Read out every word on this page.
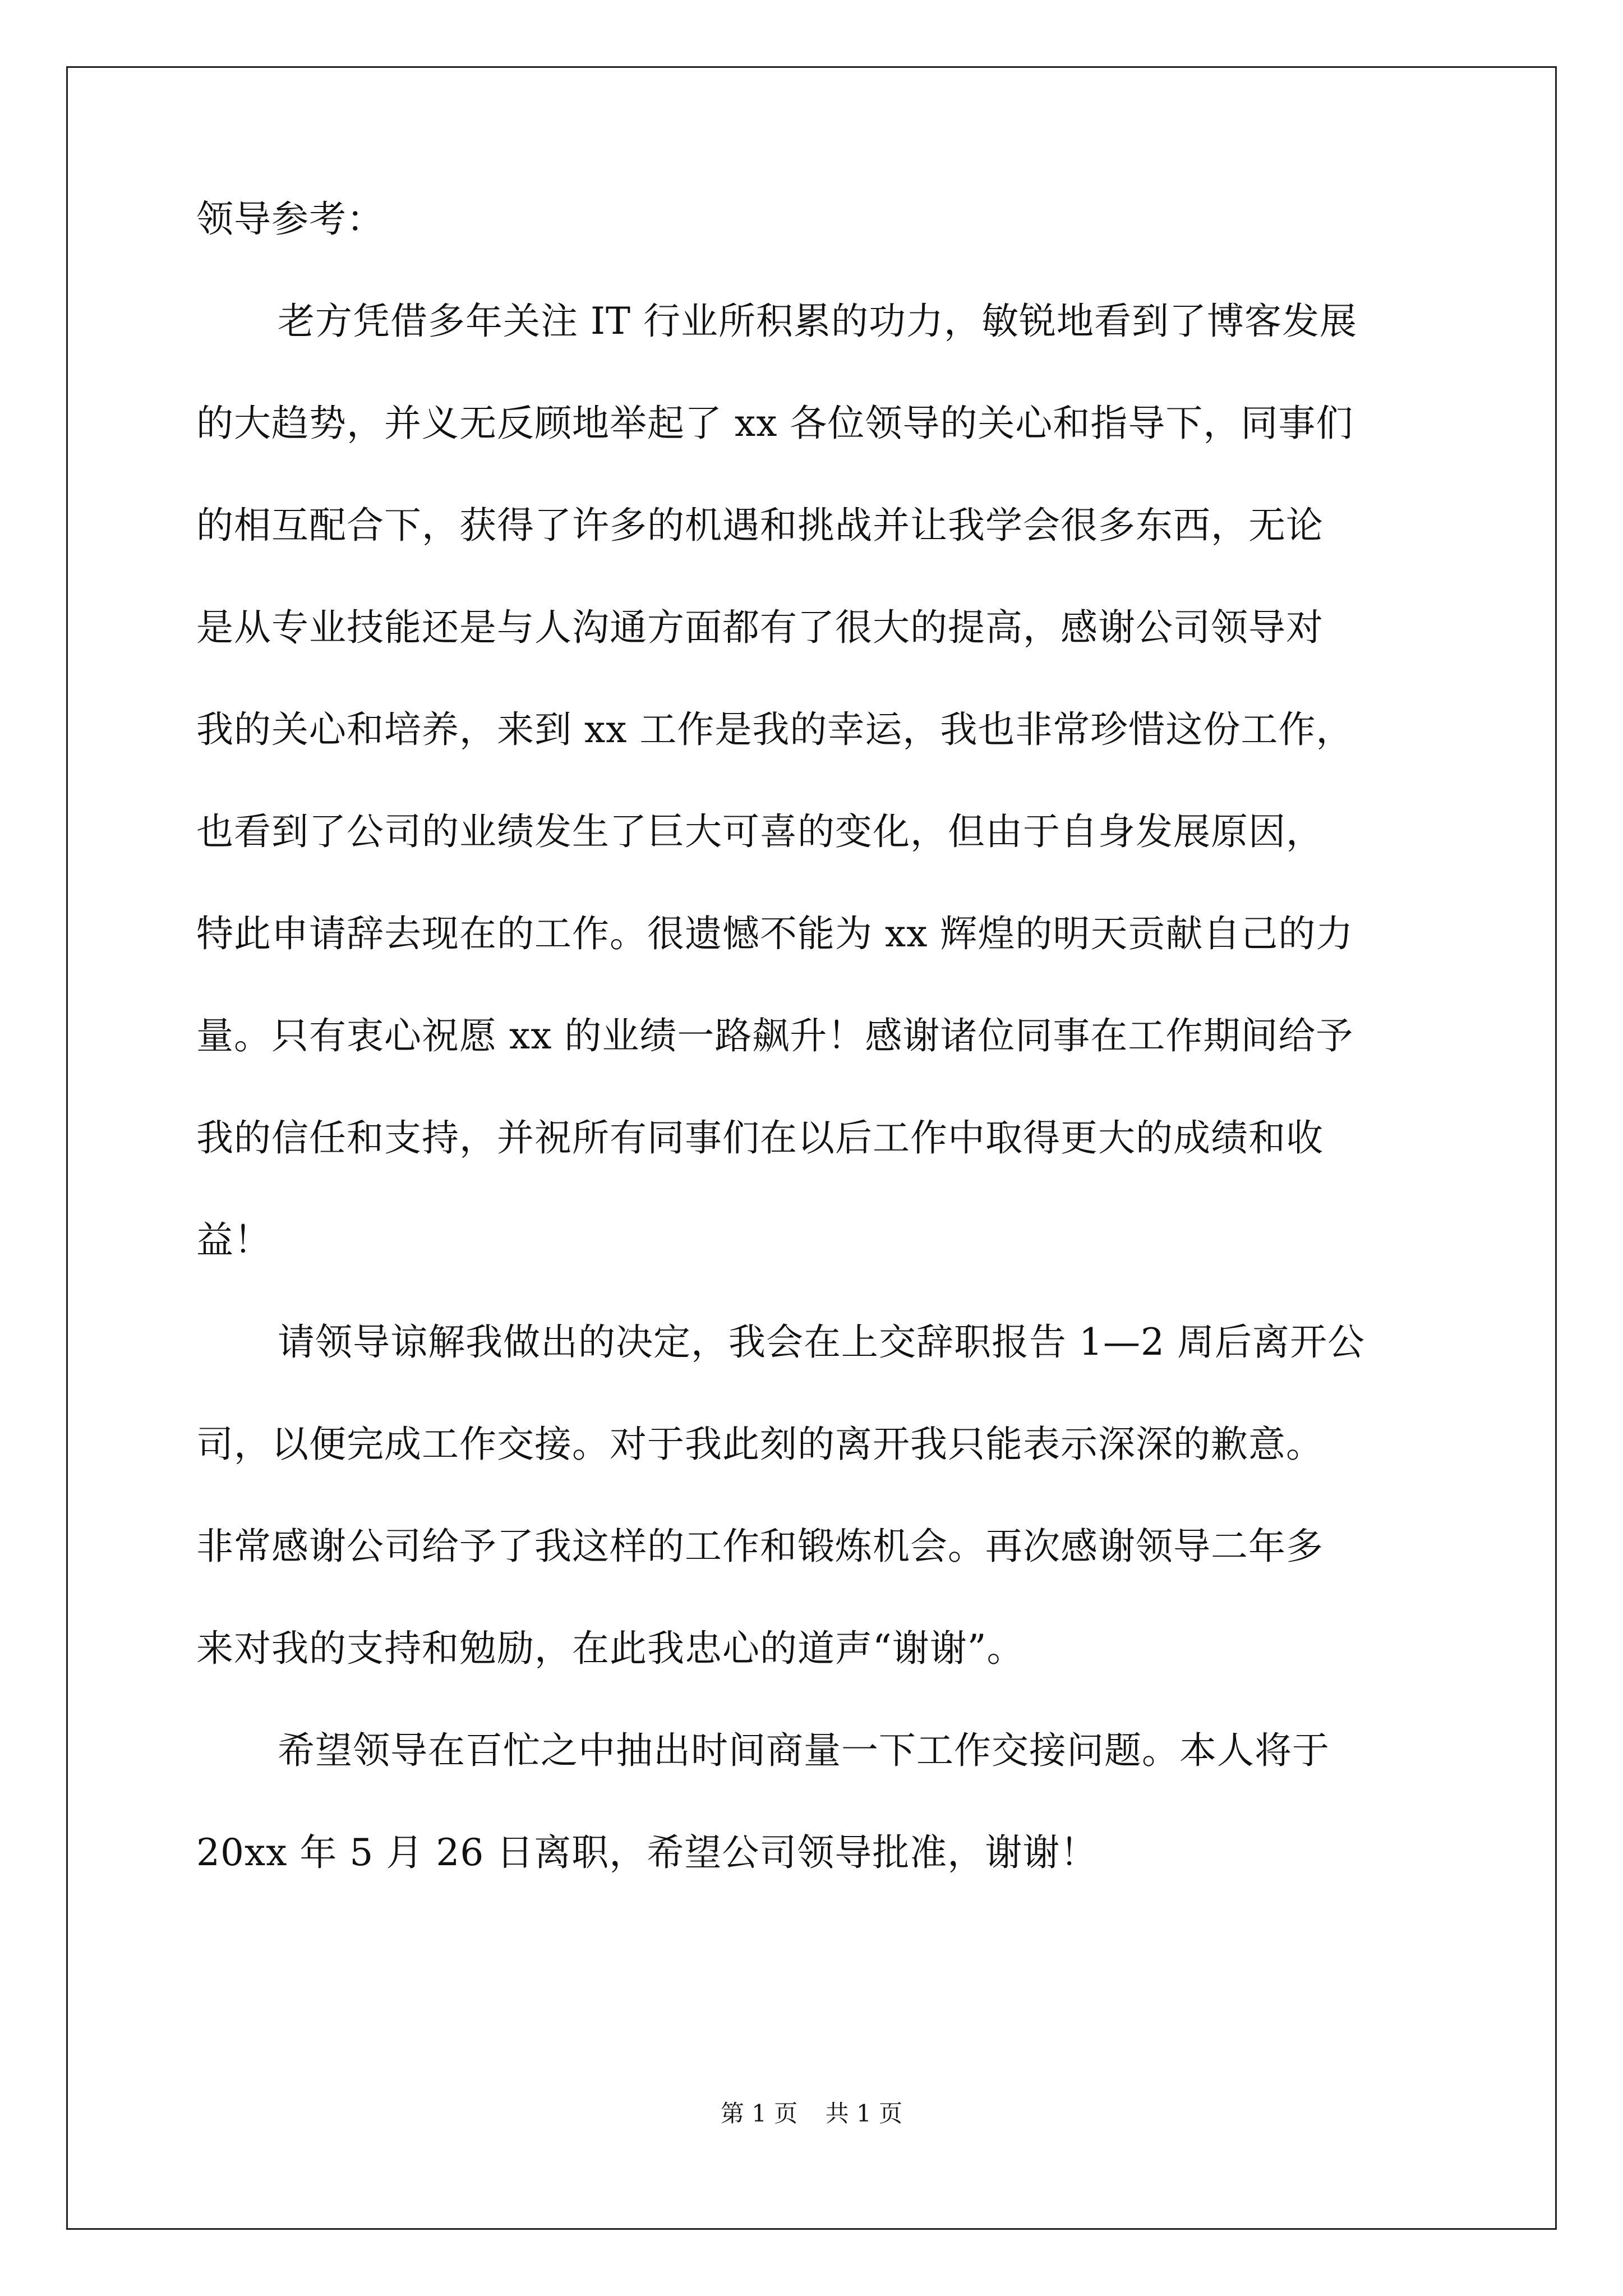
领导参考：

老方凭借多年关注 IT 行业所积累的功力，敏锐地看到了博客发展

的大趋势，并义无反顾地举起了 xx 各位领导的关心和指导下，同事们

的相互配合下，获得了许多的机遇和挑战并让我学会很多东西，无论

是从专业技能还是与人沟通方面都有了很大的提高，感谢公司领导对

我的关心和培养，来到 xx 工作是我的幸运，我也非常珍惜这份工作，

也看到了公司的业绩发生了巨大可喜的变化，但由于自身发展原因，

特此申请辞去现在的工作。很遗憾不能为 xx 辉煌的明天贡献自己的力

量。只有衷心祝愿 xx 的业绩一路飙升！感谢诸位同事在工作期间给予

我的信任和支持，并祝所有同事们在以后工作中取得更大的成绩和收

益！

请领导谅解我做出的决定，我会在上交辞职报告 1—2 周后离开公

司，以便完成工作交接。对于我此刻的离开我只能表示深深的歉意。

非常感谢公司给予了我这样的工作和锻炼机会。再次感谢领导二年多

来对我的支持和勉励，在此我忠心的道声“谢谢”。

希望领导在百忙之中抽出时间商量一下工作交接问题。本人将于

20xx 年 5 月 26 日离职，希望公司领导批准，谢谢！

第 1 页 共 1 页
